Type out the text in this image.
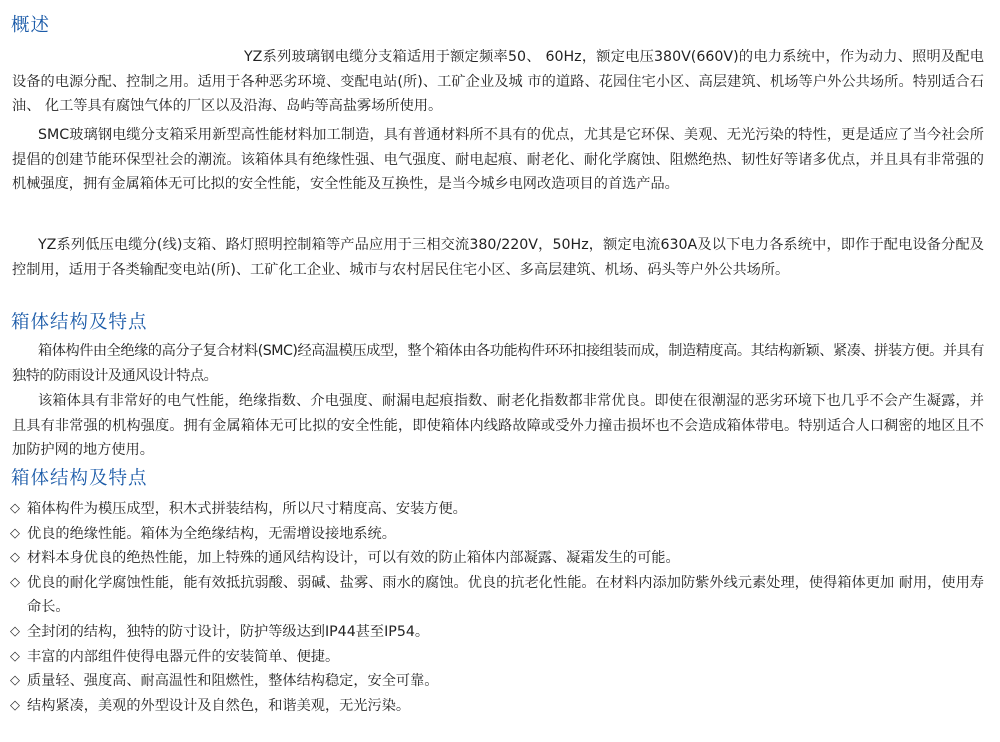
概述

YZ系列玻璃钢电缆分支箱适用于额定频率50、 60Hz，额定电压380V(660V)的电力系统中，作为动力、照明及配电设备的电源分配、控制之用。适用于各种恶劣环境、变配电站(所)、工矿企业及城 市的道路、花园住宅小区、高层建筑、机场等户外公共场所。特别适合石油、 化工等具有腐蚀气体的厂区以及沿海、岛屿等高盐雾场所使用。

SMC玻璃钢电缆分支箱采用新型高性能材料加工制造，具有普通材料所不具有的优点，尤其是它环保、美观、无光污染的特性，更是适应了当今社会所提倡的创建节能环保型社会的潮流。该箱体具有绝缘性强、电气强度、耐电起痕、耐老化、耐化学腐蚀、阻燃绝热、韧性好等诸多优点，并且具有非常强的机械强度，拥有金属箱体无可比拟的安全性能，安全性能及互换性，是当今城乡电网改造项目的首选产品。

YZ系列低压电缆分(线)支箱、路灯照明控制箱等产品应用于三相交流380/220V，50Hz，额定电流630A及以下电力各系统中，即作于配电设备分配及控制用，适用于各类输配变电站(所)、工矿化工企业、城市与农村居民住宅小区、多高层建筑、机场、码头等户外公共场所。

箱体结构及特点

箱体构件由全绝缘的高分子复合材料(SMC)经高温模压成型，整个箱体由各功能构件环环扣接组装而成，制造精度高。其结构新颖、紧凑、拼装方便。并具有独特的防雨设计及通风设计特点。

该箱体具有非常好的电气性能，绝缘指数、介电强度、耐漏电起痕指数、耐老化指数都非常优良。即使在很潮湿的恶劣环境下也几乎不会产生凝露，并且具有非常强的机构强度。拥有金属箱体无可比拟的安全性能，即使箱体内线路故障或受外力撞击损坏也不会造成箱体带电。特别适合人口稠密的地区且不加防护网的地方使用。

箱体结构及特点
◇ 箱体构件为模压成型，积木式拼装结构，所以尺寸精度高、安装方便。
◇ 优良的绝缘性能。箱体为全绝缘结构，无需增设接地系统。
◇ 材料本身优良的绝热性能，加上特殊的通风结构设计，可以有效的防止箱体内部凝露、凝霜发生的可能。
◇ 优良的耐化学腐蚀性能，能有效抵抗弱酸、弱碱、盐雾、雨水的腐蚀。优良的抗老化性能。在材料内添加防紫外线元素处理，使得箱体更加 耐用，使用寿命长。
◇ 全封闭的结构，独特的防寸设计，防护等级达到IP44甚至IP54。
◇ 丰富的内部组件使得电器元件的安装简单、便捷。
◇ 质量轻、强度高、耐高温性和阻燃性，整体结构稳定，安全可靠。
◇ 结构紧凑，美观的外型设计及自然色，和谐美观，无光污染。
